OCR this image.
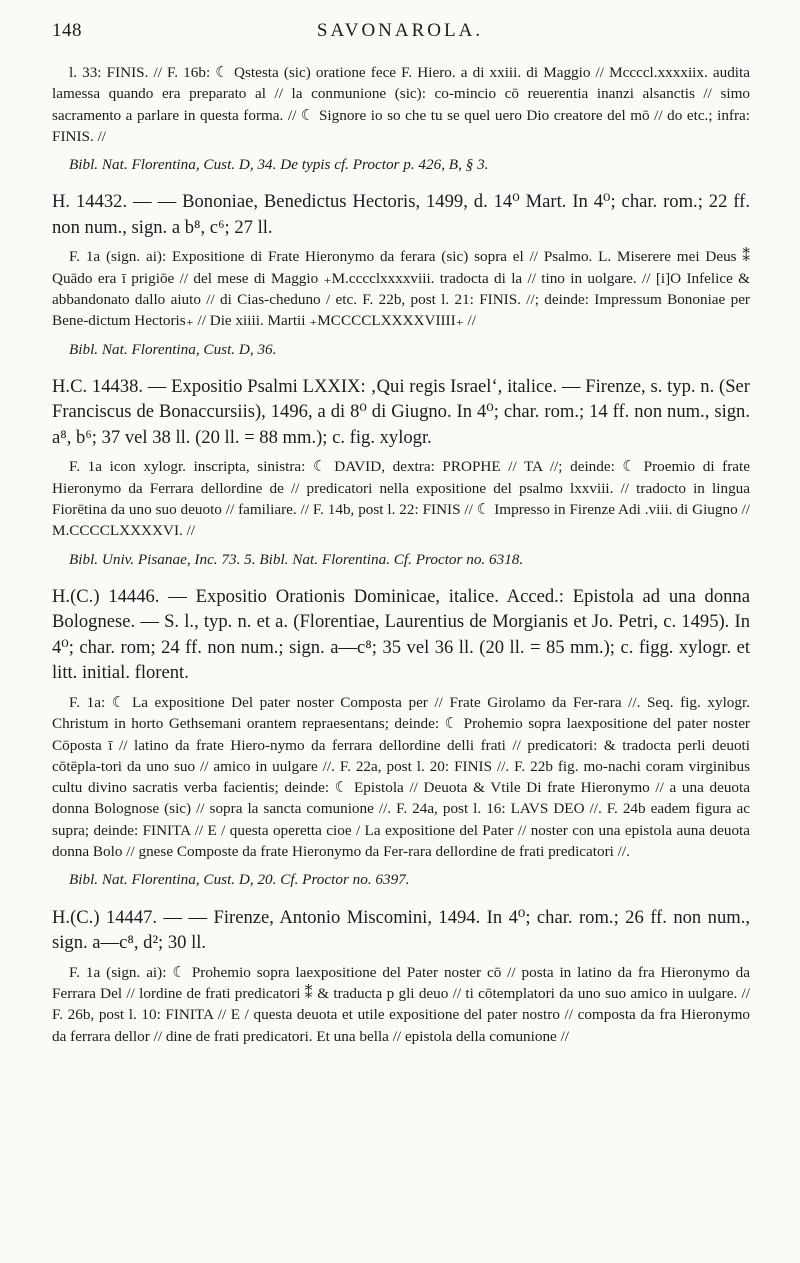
148	SAVONAROLA.

l. 33: FINIS. // F. 16b: ☾ Qstesta (sic) oratione fece F. Hiero. a di xxiii. di Maggio // Mccccl.xxxxiix. audita lamessa quando era preparato al // la conmunione (sic): co-mincio cō reuerentia inanzi alsanctis // simo sacramento a parlare in questa forma. // ☾ Signore io so che tu se quel uero Dio creatore del mō // do etc.; infra: FINIS. //

Bibl. Nat. Florentina, Cust. D, 34. De typis cf. Proctor p. 426, B, § 3.

H. 14432. — — Bononiae, Benedictus Hectoris, 1499, d. 14⁰ Mart. In 4⁰; char. rom.; 22 ff. non num., sign. a b⁸, c⁶; 27 ll.

F. 1a (sign. ai): Expositione di Frate Hieronymo da ferara (sic) sopra el // Psalmo. L. Miserere mei Deus ⁑ Quādo era ī prigiōe // del mese di Maggio ₊M.cccclxxxxviii. tradocta di la // tino in uolgare. // [i]O Infelice & abbandonato dallo aiuto // di Cias-cheduno / etc. F. 22b, post l. 21: FINIS. //; deinde: Impressum Bononiae per Bene-dictum Hectoris₊ // Die xiiii. Martii ₊MCCCCLXXXXVIIII₊ //

Bibl. Nat. Florentina, Cust. D, 36.

H.C. 14438. — Expositio Psalmi LXXIX: ‚Qui regis Israel‘, italice. — Firenze, s. typ. n. (Ser Franciscus de Bonaccursiis), 1496, a di 8⁰ di Giugno. In 4⁰; char. rom.; 14 ff. non num., sign. a⁸, b⁶; 37 vel 38 ll. (20 ll. = 88 mm.); c. fig. xylogr.

F. 1a icon xylogr. inscripta, sinistra: ☾ DAVID, dextra: PROPHE // TA //; deinde: ☾ Proemio di frate Hieronymo da Ferrara dellordine de // predicatori nella expositione del psalmo lxxviii. // tradocto in lingua Fiorētina da uno suo deuoto // familiare. // F. 14b, post l. 22: FINIS // ☾ Impresso in Firenze Adi .viii. di Giugno // M.CCCCLXXXXVI. //

Bibl. Univ. Pisanae, Inc. 73. 5. Bibl. Nat. Florentina. Cf. Proctor no. 6318.

H.(C.) 14446. — Expositio Orationis Dominicae, italice. Acced.: Epistola ad una donna Bolognese. — S. l., typ. n. et a. (Florentiae, Laurentius de Morgianis et Jo. Petri, c. 1495). In 4⁰; char. rom; 24 ff. non num.; sign. a—c⁸; 35 vel 36 ll. (20 ll. = 85 mm.); c. figg. xylogr. et litt. initial. florent.

F. 1a: ☾ La expositione Del pater noster Composta per // Frate Girolamo da Fer-rara //. Seq. fig. xylogr. Christum in horto Gethsemani orantem repraesentans; deinde: ☾ Prohemio sopra laexpositione del pater noster Cōposta ī // latino da frate Hiero-nymo da ferrara dellordine delli frati // predicatori: & tradocta perli deuoti cōtēpla-tori da uno suo // amico in uulgare //. F. 22a, post l. 20: FINIS //. F. 22b fig. mo-nachi coram virginibus cultu divino sacratis verba facientis; deinde: ☾ Epistola // Deuota & Vtile Di frate Hieronymo // a una deuota donna Bolognose (sic) // sopra la sancta comunione //. F. 24a, post l. 16: LAVS DEO //. F. 24b eadem figura ac supra; deinde: FINITA // E / questa operetta cioe / La expositione del Pater // noster con una epistola auna deuota donna Bolo // gnese Composte da frate Hieronymo da Fer-rara dellordine de frati predicatori //.

Bibl. Nat. Florentina, Cust. D, 20. Cf. Proctor no. 6397.

H.(C.) 14447. — — Firenze, Antonio Miscomini, 1494. In 4⁰; char. rom.; 26 ff. non num., sign. a—c⁸, d²; 30 ll.

F. 1a (sign. ai): ☾ Prohemio sopra laexpositione del Pater noster cō // posta in latino da fra Hieronymo da Ferrara Del // lordine de frati predicatori ⁑ & traducta p gli deuo // ti cōtemplatori da uno suo amico in uulgare. // F. 26b, post l. 10: FINITA // E / questa deuota et utile expositione del pater nostro // composta da fra Hieronymo da ferrara dellor // dine de frati predicatori. Et una bella // epistola della comunione //
